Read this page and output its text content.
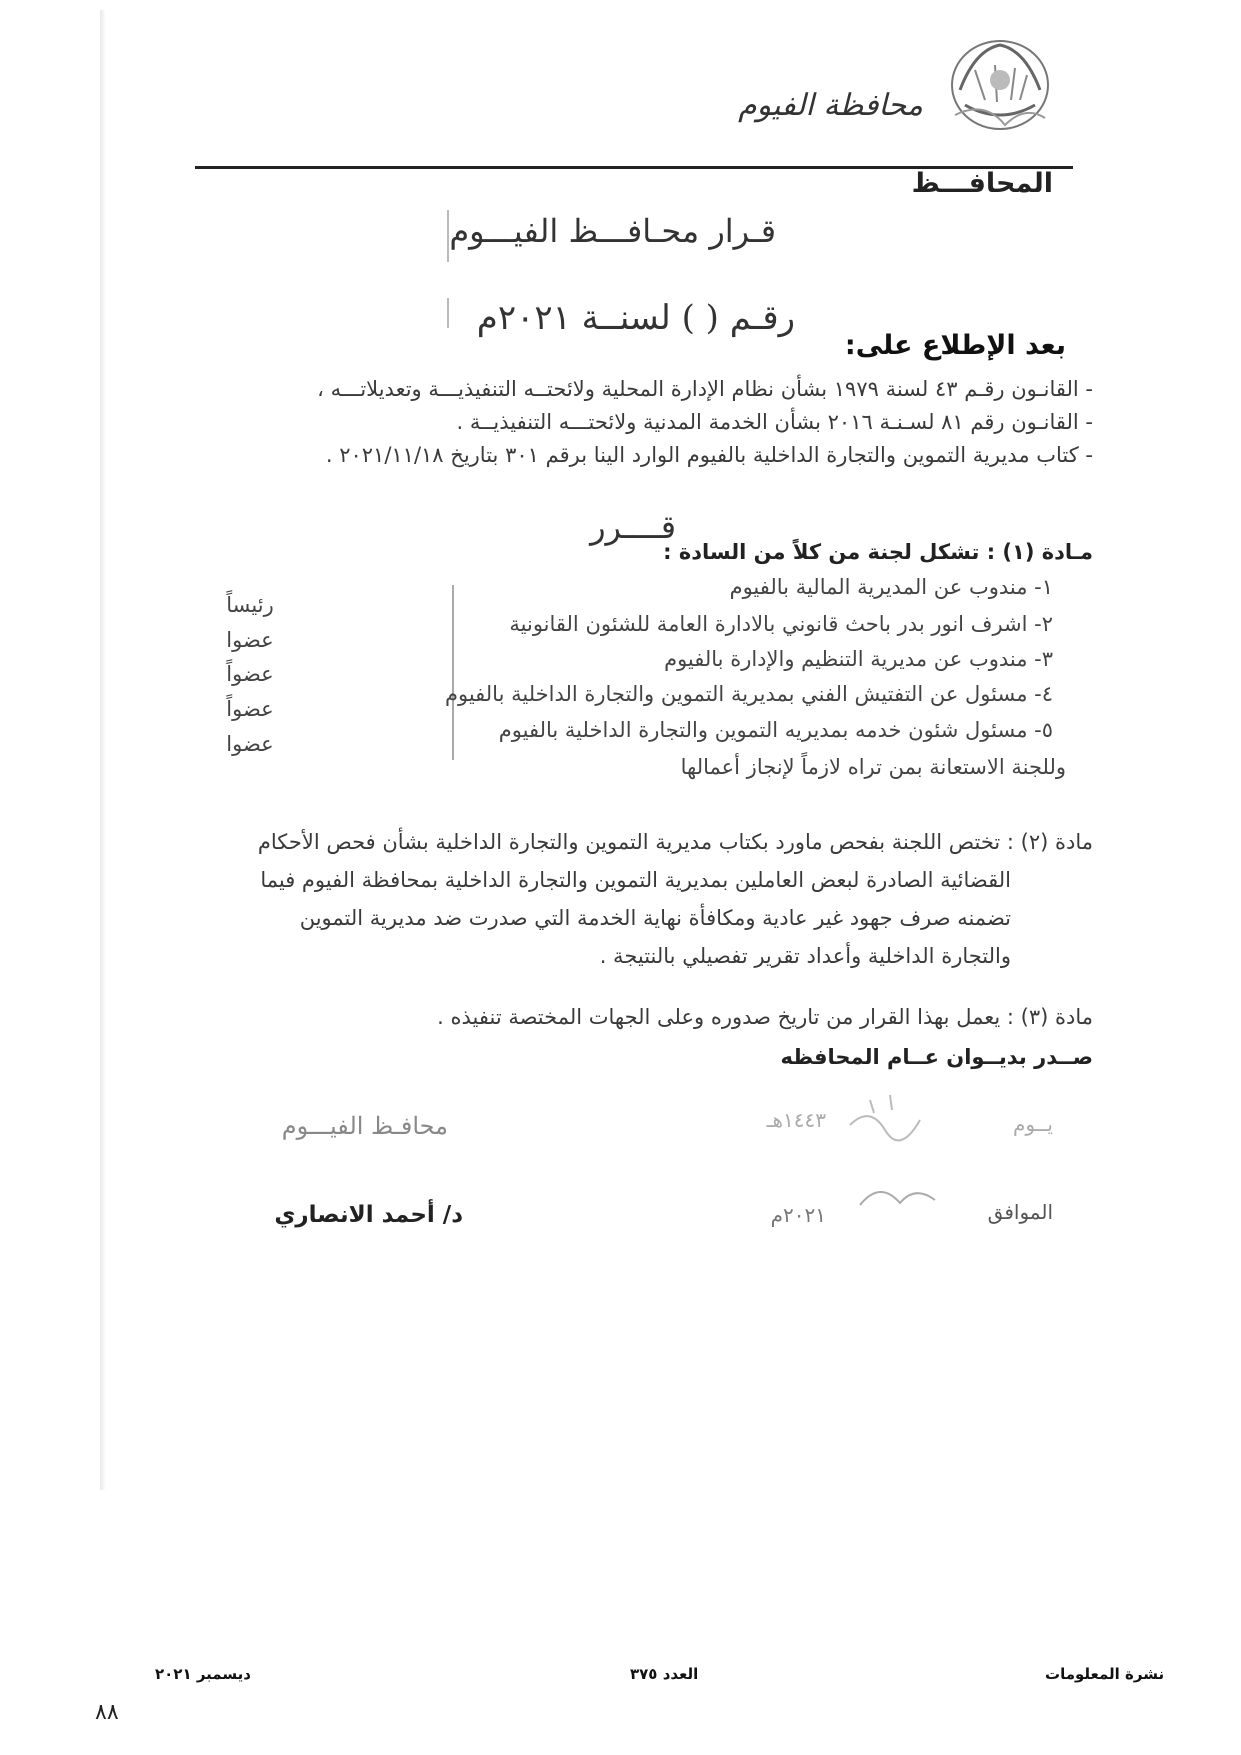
محافظة الفيوم
المحافـــظ
قـرار محـافـــظ الفيـــوم
رقـم ( ) لسنــة ٢٠٢١م
بعد الإطلاع على:
- القانـون رقـم ٤٣ لسنة ١٩٧٩ بشأن نظام الإدارة المحلية ولائحتــه التنفيذيـــة وتعديلاتـــه ،
- القانـون رقم ٨١ لسـنـة ٢٠١٦ بشأن الخدمة المدنية ولائحتـــه التنفيذيــة .
- كتاب مديرية التموين والتجارة الداخلية بالفيوم الوارد الينا برقم ٣٠١ بتاريخ ٢٠٢١/١١/١٨ .
قــــرر
مـادة (١) : تشكل لجنة من كلاً من السادة :
١- مندوب عن المديرية المالية بالفيوم
رئيساً
٢- اشرف انور بدر باحث قانوني بالادارة العامة للشئون القانونية
عضوا
٣- مندوب عن مديرية التنظيم والإدارة بالفيوم
عضواً
٤- مسئول عن التفتيش الفني بمديرية التموين والتجارة الداخلية بالفيوم
عضواً
٥- مسئول شئون خدمه بمديريه التموين والتجارة الداخلية بالفيوم
عضوا
وللجنة الاستعانة بمن تراه لازماً لإنجاز أعمالها
مادة (٢) : تختص اللجنة بفحص ماورد بكتاب مديرية التموين والتجارة الداخلية بشأن فحص الأحكام
القضائية الصادرة لبعض العاملين بمديرية التموين والتجارة الداخلية بمحافظة الفيوم فيما
تضمنه صرف جهود غير عادية ومكافأة نهاية الخدمة التي صدرت ضد مديرية التموين
والتجارة الداخلية وأعداد تقرير تفصيلي بالنتيجة .
مادة (٣) : يعمل بهذا القرار من تاريخ صدوره وعلى الجهات المختصة تنفيذه .
صــدر بديــوان عــام المحافظه
يــوم
١٤٤٣هـ
الموافق
٢٠٢١م
محافـظ الفيـــوم
د/ أحمد الانصاري
نشرة المعلومات
العدد ٣٧٥
ديسمبر ٢٠٢١
٨٨
